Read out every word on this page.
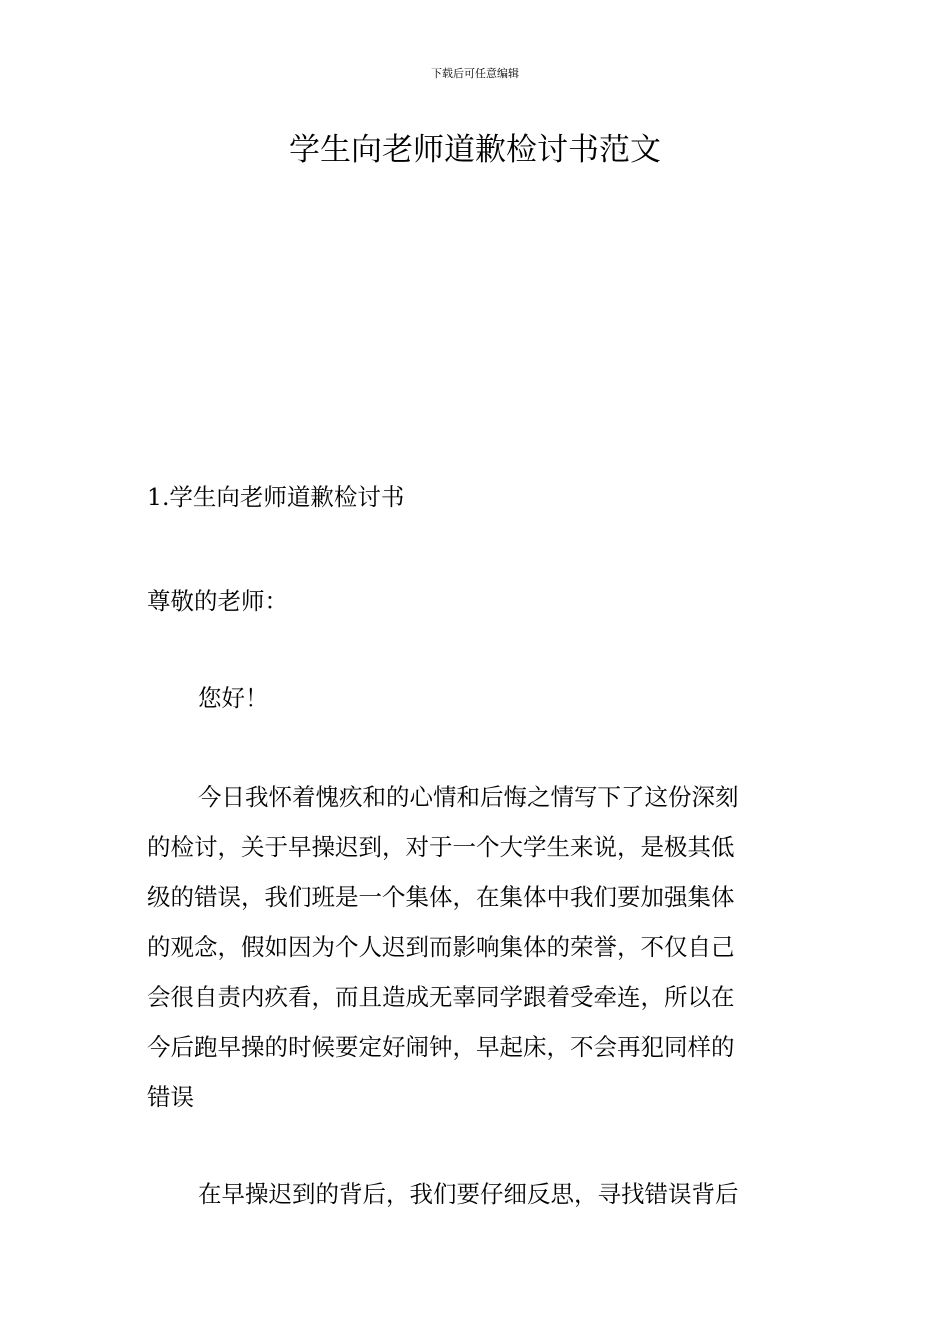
下载后可任意编辑
学生向老师道歉检讨书范文
1.学生向老师道歉检讨书
尊敬的老师：
您好！
今日我怀着愧疚和的心情和后悔之情写下了这份深刻
的检讨，关于早操迟到，对于一个大学生来说，是极其低
级的错误，我们班是一个集体，在集体中我们要加强集体
的观念，假如因为个人迟到而影响集体的荣誉，不仅自己
会很自责内疚看，而且造成无辜同学跟着受牵连，所以在
今后跑早操的时候要定好闹钟，早起床，不会再犯同样的
错误
在早操迟到的背后，我们要仔细反思，寻找错误背后
